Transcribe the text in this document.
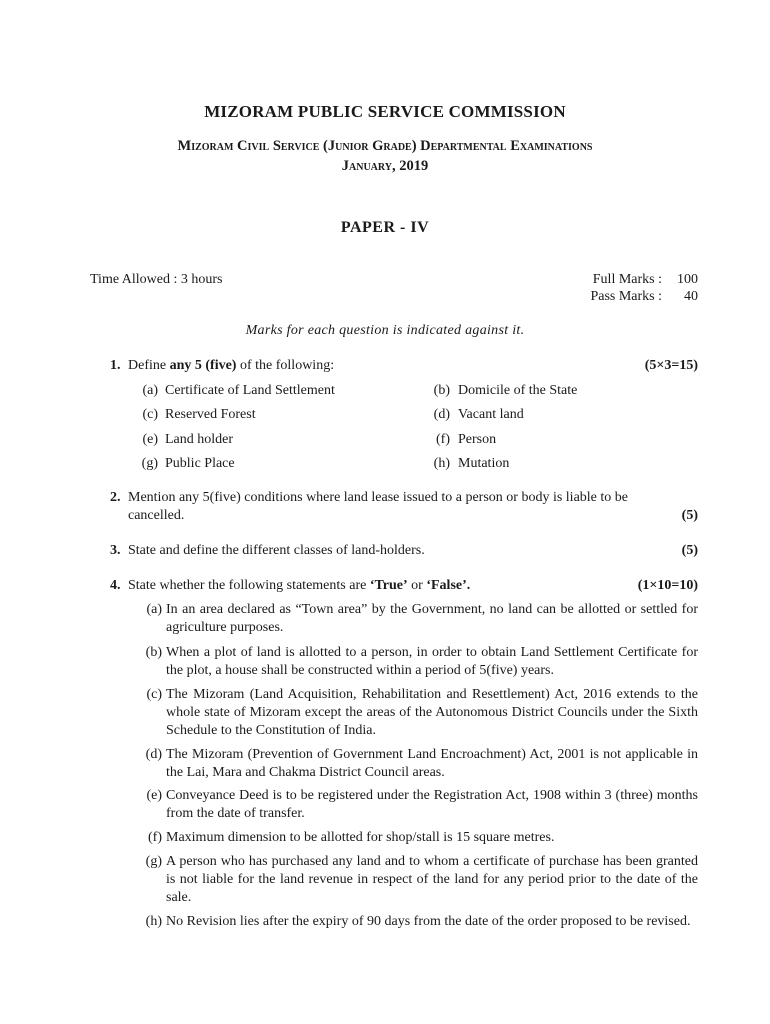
MIZORAM PUBLIC SERVICE COMMISSION
Mizoram Civil Service (Junior Grade) Departmental Examinations
January, 2019
PAPER - IV
Time Allowed : 3 hours	Full Marks :	100
Pass Marks :	40
Marks for each question is indicated against it.
1. Define any 5 (five) of the following:	(5×3=15)
(a) Certificate of Land Settlement	(b) Domicile of the State
(c) Reserved Forest	(d) Vacant land
(e) Land holder	(f) Person
(g) Public Place	(h) Mutation
2. Mention any 5(five) conditions where land lease issued to a person or body is liable to be
cancelled.	(5)
3. State and define the different classes of land-holders.	(5)
4. State whether the following statements are ‘True’ or ‘False’.	(1×10=10)
(a) In an area declared as “Town area” by the Government, no land can be allotted or settled for agriculture purposes.
(b) When a plot of land is allotted to a person, in order to obtain Land Settlement Certificate for the plot, a house shall be constructed within a period of 5(five) years.
(c) The Mizoram (Land Acquisition, Rehabilitation and Resettlement) Act, 2016 extends to the whole state of Mizoram except the areas of the Autonomous District Councils under the Sixth Schedule to the Constitution of India.
(d) The Mizoram (Prevention of Government Land Encroachment) Act, 2001 is not applicable in the Lai, Mara and Chakma District Council areas.
(e) Conveyance Deed is to be registered under the Registration Act, 1908 within 3 (three) months from the date of transfer.
(f) Maximum dimension to be allotted for shop/stall is 15 square metres.
(g) A person who has purchased any land and to whom a certificate of purchase has been granted is not liable for the land revenue in respect of the land for any period prior to the date of the sale.
(h) No Revision lies after the expiry of 90 days from the date of the order proposed to be revised.
